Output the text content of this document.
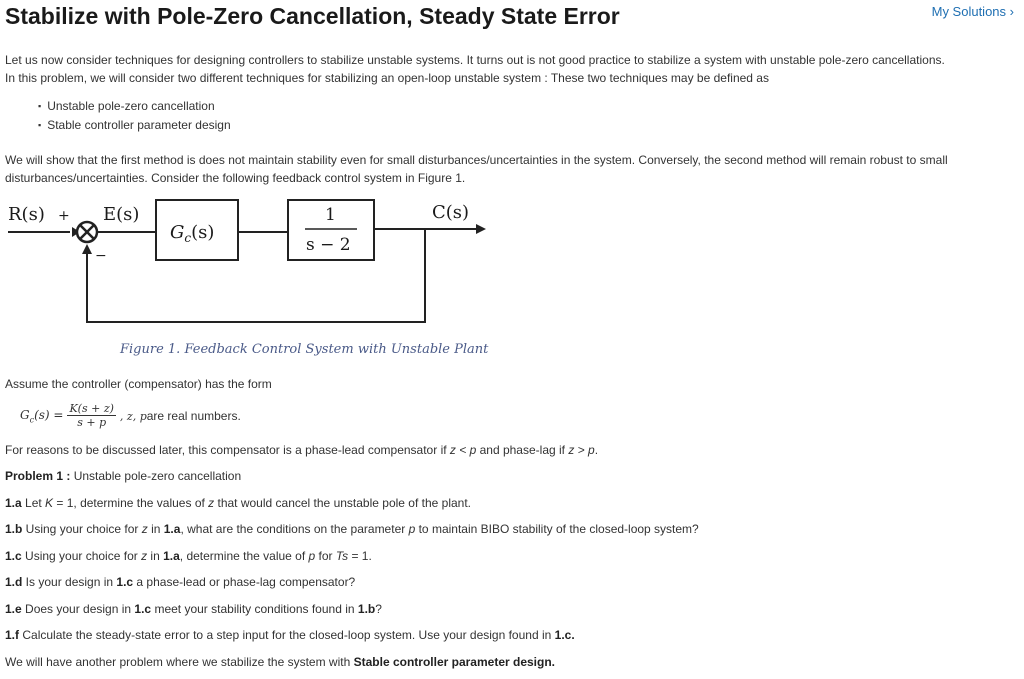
Stabilize with Pole-Zero Cancellation, Steady State Error	My Solutions ›

Let us now consider techniques for designing controllers to stabilize unstable systems. It turns out is not good practice to stabilize a system with unstable pole-zero cancellations.
In this problem, we will consider two different techniques for stabilizing an open-loop unstable system : These two techniques may be defined as

▪ Unstable pole-zero cancellation
▪ Stable controller parameter design

We will show that the first method is does not maintain stability even for small disturbances/uncertainties in the system. Conversely, the second method will remain robust to small
disturbances/uncertainties. Consider the following feedback control system in Figure 1.

R(s) + E(s)	C(s)
−
$G_c(s)$
1
s − 2
Figure 1. Feedback Control System with Unstable Plant

Assume the controller (compensator) has the form

$G_c(s) = \frac{K(s + z)}{s + p}$ , z, p are real numbers.

For reasons to be discussed later, this compensator is a phase-lead compensator if z < p and phase-lag if z > p.

Problem 1 : Unstable pole-zero cancellation

1.a Let K = 1, determine the values of z that would cancel the unstable pole of the plant.

1.b Using your choice for z in 1.a, what are the conditions on the parameter p to maintain BIBO stability of the closed-loop system?

1.c Using your choice for z in 1.a, determine the value of p for Ts = 1.

1.d Is your design in 1.c a phase-lead or phase-lag compensator?

1.e Does your design in 1.c meet your stability conditions found in 1.b?

1.f Calculate the steady-state error to a step input for the closed-loop system. Use your design found in 1.c.

We will have another problem where we stabilize the system with Stable controller parameter design.
